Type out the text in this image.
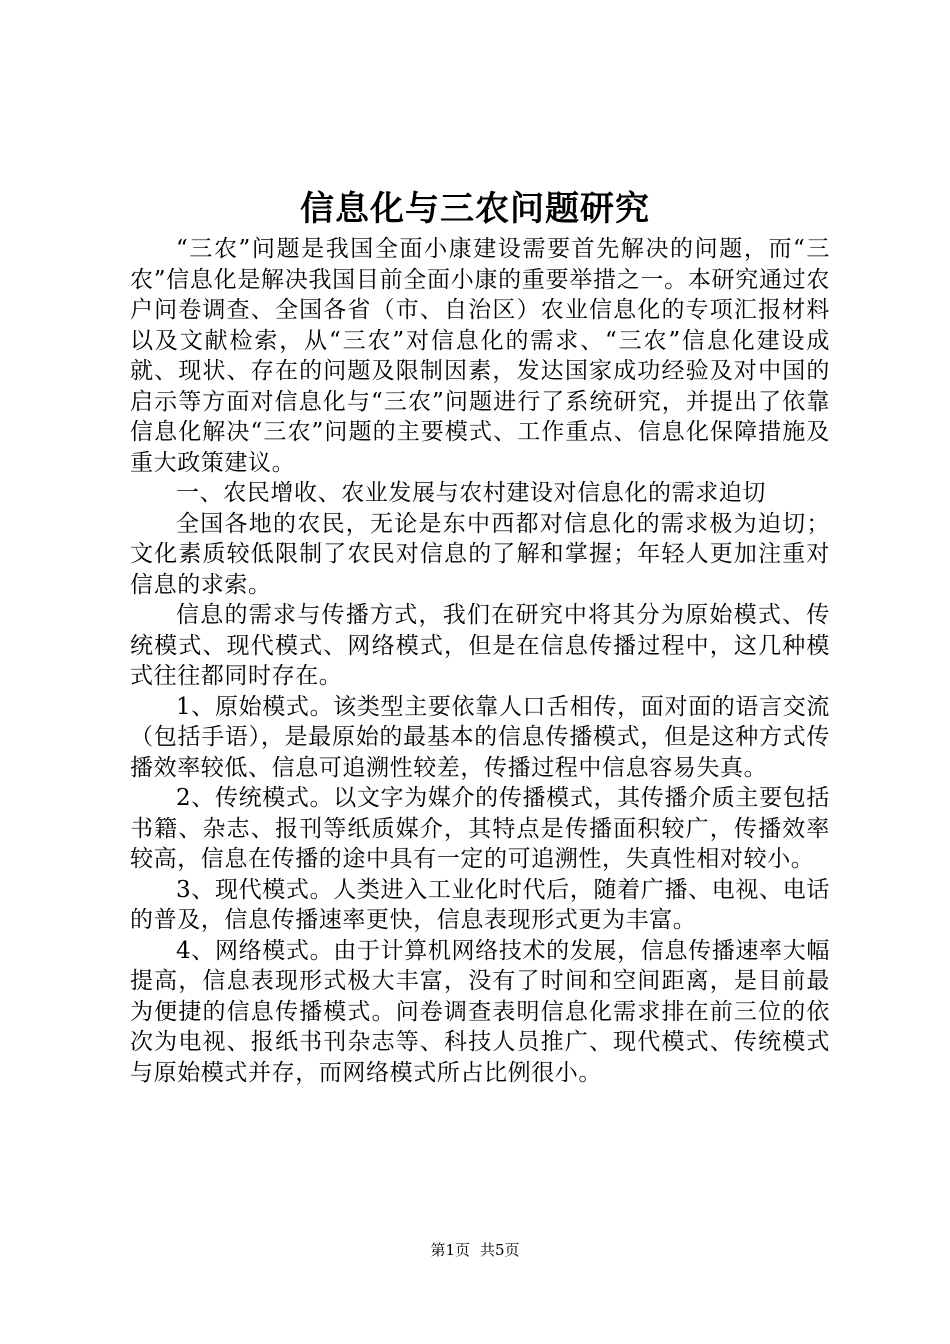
信息化与三农问题研究

“三农”问题是我国全面小康建设需要首先解决的问题，而“三农”信息化是解决我国目前全面小康的重要举措之一。本研究通过农户问卷调查、全国各省（市、自治区）农业信息化的专项汇报材料以及文献检索，从“三农”对信息化的需求、“三农”信息化建设成就、现状、存在的问题及限制因素，发达国家成功经验及对中国的启示等方面对信息化与“三农”问题进行了系统研究，并提出了依靠信息化解决“三农”问题的主要模式、工作重点、信息化保障措施及重大政策建议。

一、农民增收、农业发展与农村建设对信息化的需求迫切

全国各地的农民，无论是东中西都对信息化的需求极为迫切；文化素质较低限制了农民对信息的了解和掌握；年轻人更加注重对信息的求索。

信息的需求与传播方式，我们在研究中将其分为原始模式、传统模式、现代模式、网络模式，但是在信息传播过程中，这几种模式往往都同时存在。

1、原始模式。该类型主要依靠人口舌相传，面对面的语言交流（包括手语），是最原始的最基本的信息传播模式，但是这种方式传播效率较低、信息可追溯性较差，传播过程中信息容易失真。

2、传统模式。以文字为媒介的传播模式，其传播介质主要包括书籍、杂志、报刊等纸质媒介，其特点是传播面积较广，传播效率较高，信息在传播的途中具有一定的可追溯性，失真性相对较小。

3、现代模式。人类进入工业化时代后，随着广播、电视、电话的普及，信息传播速率更快，信息表现形式更为丰富。

4、网络模式。由于计算机网络技术的发展，信息传播速率大幅提高，信息表现形式极大丰富，没有了时间和空间距离，是目前最为便捷的信息传播模式。问卷调查表明信息化需求排在前三位的依次为电视、报纸书刊杂志等、科技人员推广、现代模式、传统模式与原始模式并存，而网络模式所占比例很小。

第1页 共5页
